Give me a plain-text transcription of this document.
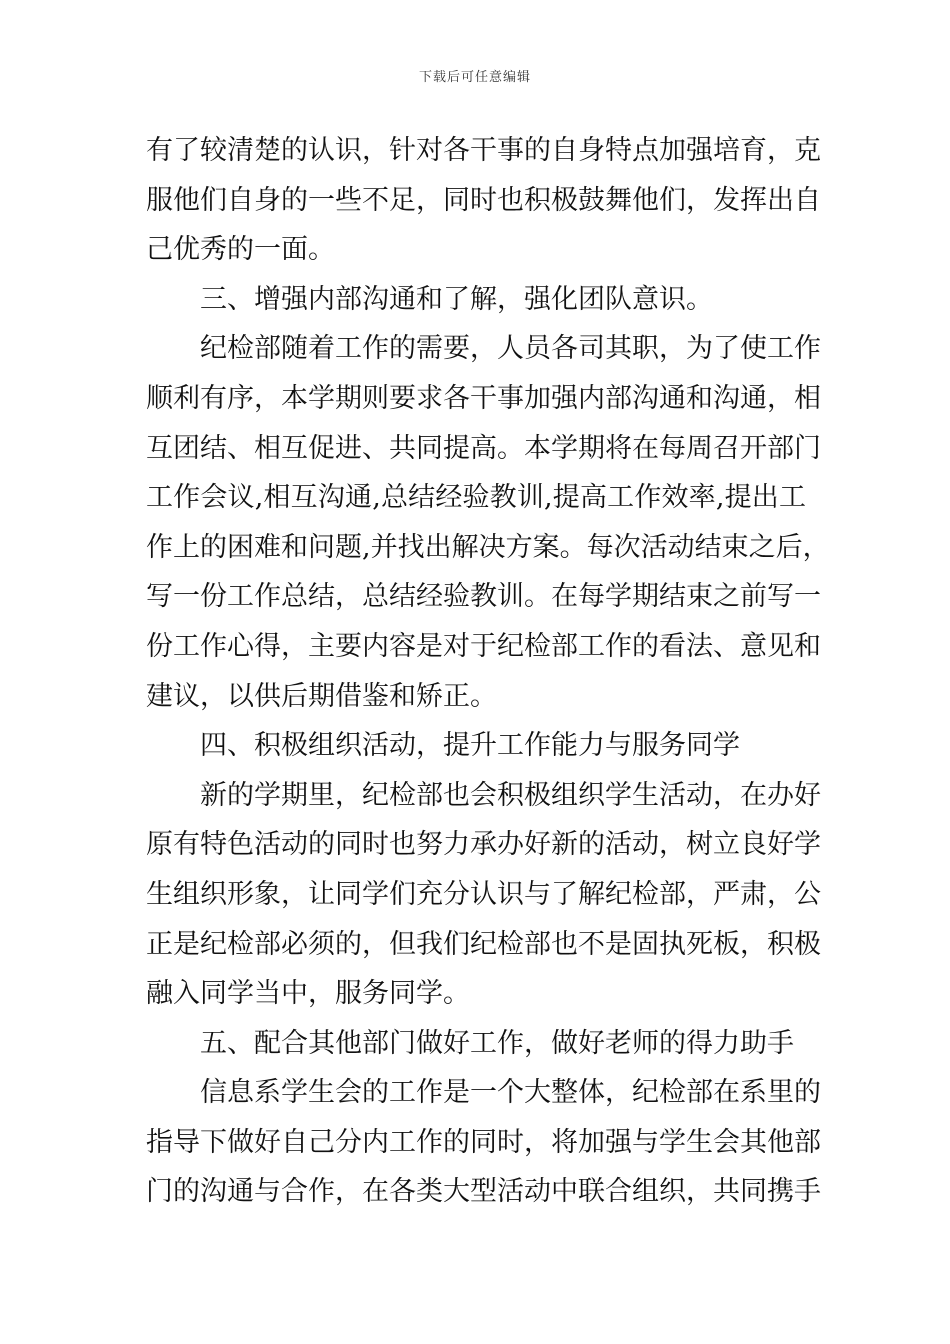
下载后可任意编辑
有了较清楚的认识，针对各干事的自身特点加强培育，克
服他们自身的一些不足，同时也积极鼓舞他们，发挥出自
己优秀的一面。
三、增强内部沟通和了解，强化团队意识。
纪检部随着工作的需要，人员各司其职，为了使工作
顺利有序，本学期则要求各干事加强内部沟通和沟通，相
互团结、相互促进、共同提高。本学期将在每周召开部门
工作会议,相互沟通,总结经验教训,提高工作效率,提出工
作上的困难和问题,并找出解决方案。每次活动结束之后，
写一份工作总结，总结经验教训。在每学期结束之前写一
份工作心得，主要内容是对于纪检部工作的看法、意见和
建议，以供后期借鉴和矫正。
四、积极组织活动，提升工作能力与服务同学
新的学期里，纪检部也会积极组织学生活动，在办好
原有特色活动的同时也努力承办好新的活动，树立良好学
生组织形象，让同学们充分认识与了解纪检部，严肃，公
正是纪检部必须的，但我们纪检部也不是固执死板，积极
融入同学当中，服务同学。
五、配合其他部门做好工作，做好老师的得力助手
信息系学生会的工作是一个大整体，纪检部在系里的
指导下做好自己分内工作的同时，将加强与学生会其他部
门的沟通与合作，在各类大型活动中联合组织，共同携手
